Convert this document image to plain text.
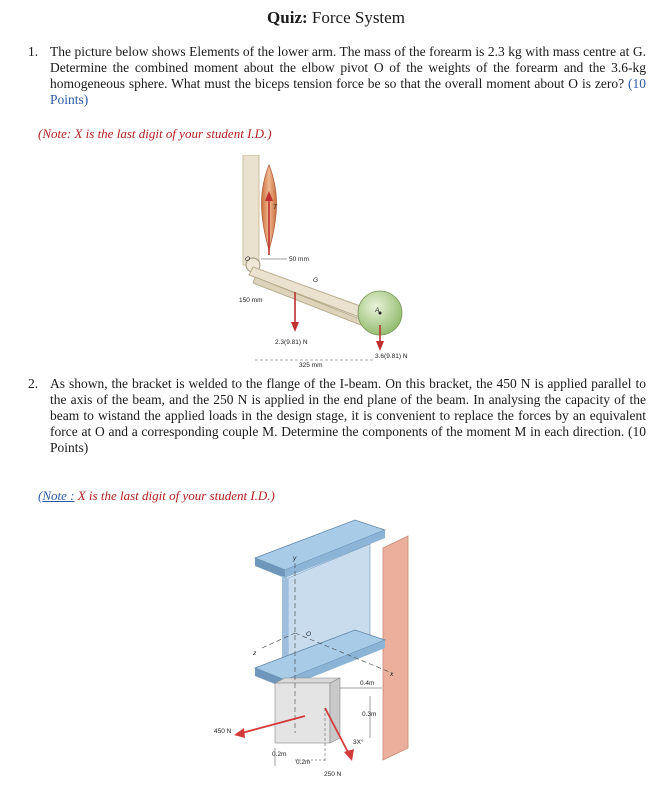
Quiz: Force System
1. The picture below shows Elements of the lower arm. The mass of the forearm is 2.3 kg with mass centre at G. Determine the combined moment about the elbow pivot O of the weights of the forearm and the 3.6-kg homogeneous sphere. What must the biceps tension force be so that the overall moment about O is zero? (10 Points)
(Note: X is the last digit of your student I.D.)
T
O	50 mm
G
150 mm
2.3(9.81) N
A
3.6(9.81) N
325 mm
2. As shown, the bracket is welded to the flange of the I-beam. On this bracket, the 450 N is applied parallel to the axis of the beam, and the 250 N is applied in the end plane of the beam. In analysing the capacity of the beam to wistand the applied loads in the design stage, it is convenient to replace the forces by an equivalent force at O and a corresponding couple M. Determine the components of the moment M in each direction. (10 Points)
(Note : X is the last digit of your student I.D.)
y
O
z
x
0.4m
0.3m
450 N
3X°
250 N
0.2m
0.2m
